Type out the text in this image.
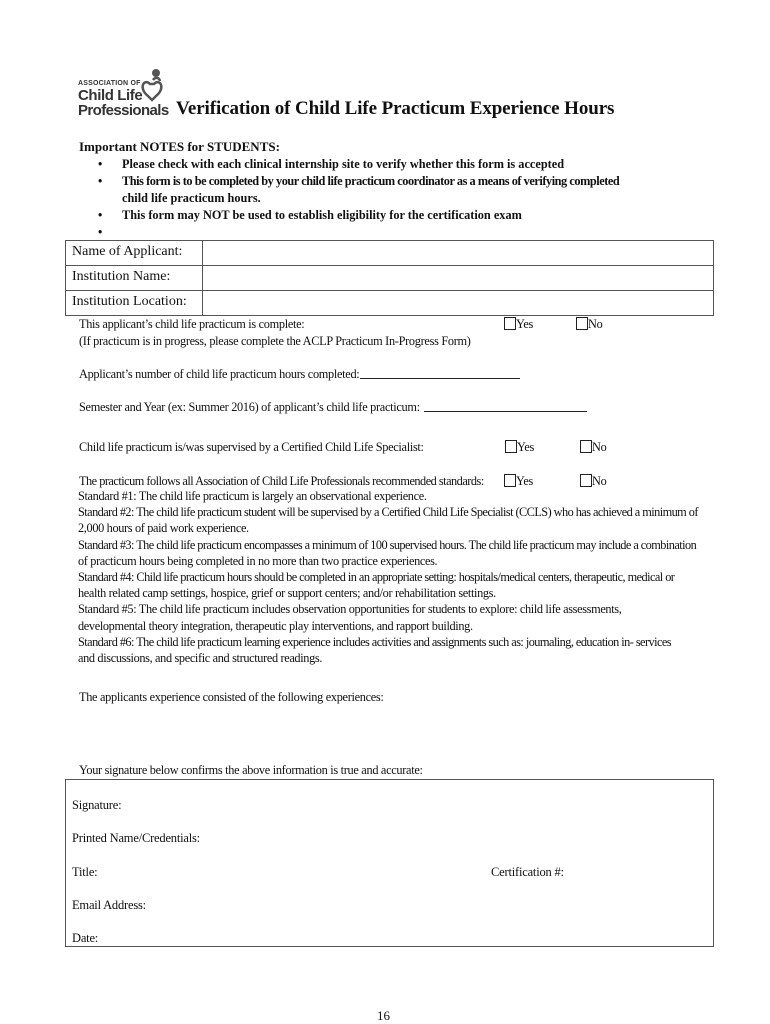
ASSOCIATION OF
Child Life
Professionals Verification of Child Life Practicum Experience Hours
Important NOTES for STUDENTS:
• Please check with each clinical internship site to verify whether this form is accepted
• This form is to be completed by your child life practicum coordinator as a means of verifying completed
child life practicum hours.
• This form may NOT be used to establish eligibility for the certification exam
•
Name of Applicant:
Institution Name:
Institution Location:
This applicant’s child life practicum is complete:	Yes	No
(If practicum is in progress, please complete the ACLP Practicum In-Progress Form)
Applicant’s number of child life practicum hours completed:
Semester and Year (ex: Summer 2016) of applicant’s child life practicum:
Child life practicum is/was supervised by a Certified Child Life Specialist:	Yes	No
The practicum follows all Association of Child Life Professionals recommended standards:	Yes	No
Standard #1: The child life practicum is largely an observational experience.
Standard #2: The child life practicum student will be supervised by a Certified Child Life Specialist (CCLS) who has achieved a minimum of
2,000 hours of paid work experience.
Standard #3: The child life practicum encompasses a minimum of 100 supervised hours. The child life practicum may include a combination
of practicum hours being completed in no more than two practice experiences.
Standard #4: Child life practicum hours should be completed in an appropriate setting: hospitals/medical centers, therapeutic, medical or
health related camp settings, hospice, grief or support centers; and/or rehabilitation settings.
Standard #5: The child life practicum includes observation opportunities for students to explore: child life assessments,
developmental theory integration, therapeutic play interventions, and rapport building.
Standard #6: The child life practicum learning experience includes activities and assignments such as: journaling, education in- services
and discussions, and specific and structured readings.
The applicants experience consisted of the following experiences:
Your signature below confirms the above information is true and accurate:
Signature:
Printed Name/Credentials:
Title:	Certification #:
Email Address:
Date:
16
